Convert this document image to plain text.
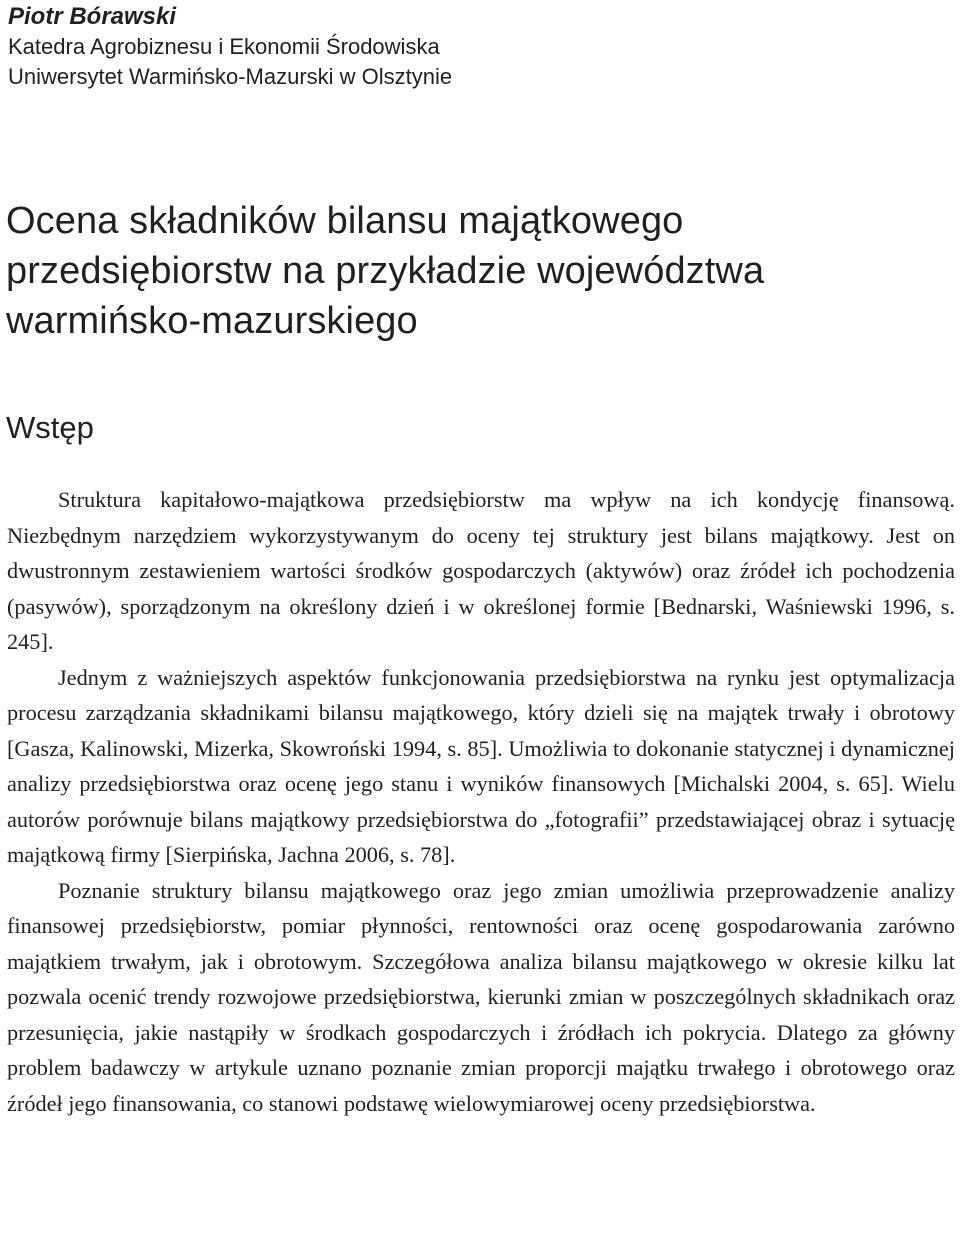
Piotr Bórawski
Katedra Agrobiznesu i Ekonomii Środowiska
Uniwersytet Warmińsko-Mazurski w Olsztynie
Ocena składników bilansu majątkowego
przedsiębiorstw na przykładzie województwa
warmińsko-mazurskiego
Wstęp

Struktura kapitałowo-majątkowa przedsiębiorstw ma wpływ na ich kondycję finansową. Niezbędnym narzędziem wykorzystywanym do oceny tej struktury jest bilans majątkowy. Jest on dwustronnym zestawieniem wartości środków gospodarczych (aktywów) oraz źródeł ich pochodzenia (pasywów), sporządzonym na określony dzień i w określonej formie [Bednarski, Waśniewski 1996, s. 245].

Jednym z ważniejszych aspektów funkcjonowania przedsiębiorstwa na rynku jest optymalizacja procesu zarządzania składnikami bilansu majątkowego, który dzieli się na majątek trwały i obrotowy [Gasza, Kalinowski, Mizerka, Skowroński 1994, s. 85]. Umożliwia to dokonanie statycznej i dynamicznej analizy przedsiębiorstwa oraz ocenę jego stanu i wyników finansowych [Michalski 2004, s. 65]. Wielu autorów porównuje bilans majątkowy przedsiębiorstwa do „fotografii” przedstawiającej obraz i sytuację majątkową firmy [Sierpińska, Jachna 2006, s. 78].

Poznanie struktury bilansu majątkowego oraz jego zmian umożliwia przeprowadzenie analizy finansowej przedsiębiorstw, pomiar płynności, rentowności oraz ocenę gospodarowania zarówno majątkiem trwałym, jak i obrotowym. Szczegółowa analiza bilansu majątkowego w okresie kilku lat pozwala ocenić trendy rozwojowe przedsiębiorstwa, kierunki zmian w poszczególnych składnikach oraz przesunięcia, jakie nastąpiły w środkach gospodarczych i źródłach ich pokrycia. Dlatego za główny problem badawczy w artykule uznano poznanie zmian proporcji majątku trwałego i obrotowego oraz źródeł jego finansowania, co stanowi podstawę wielowymiarowej oceny przedsiębiorstwa.
